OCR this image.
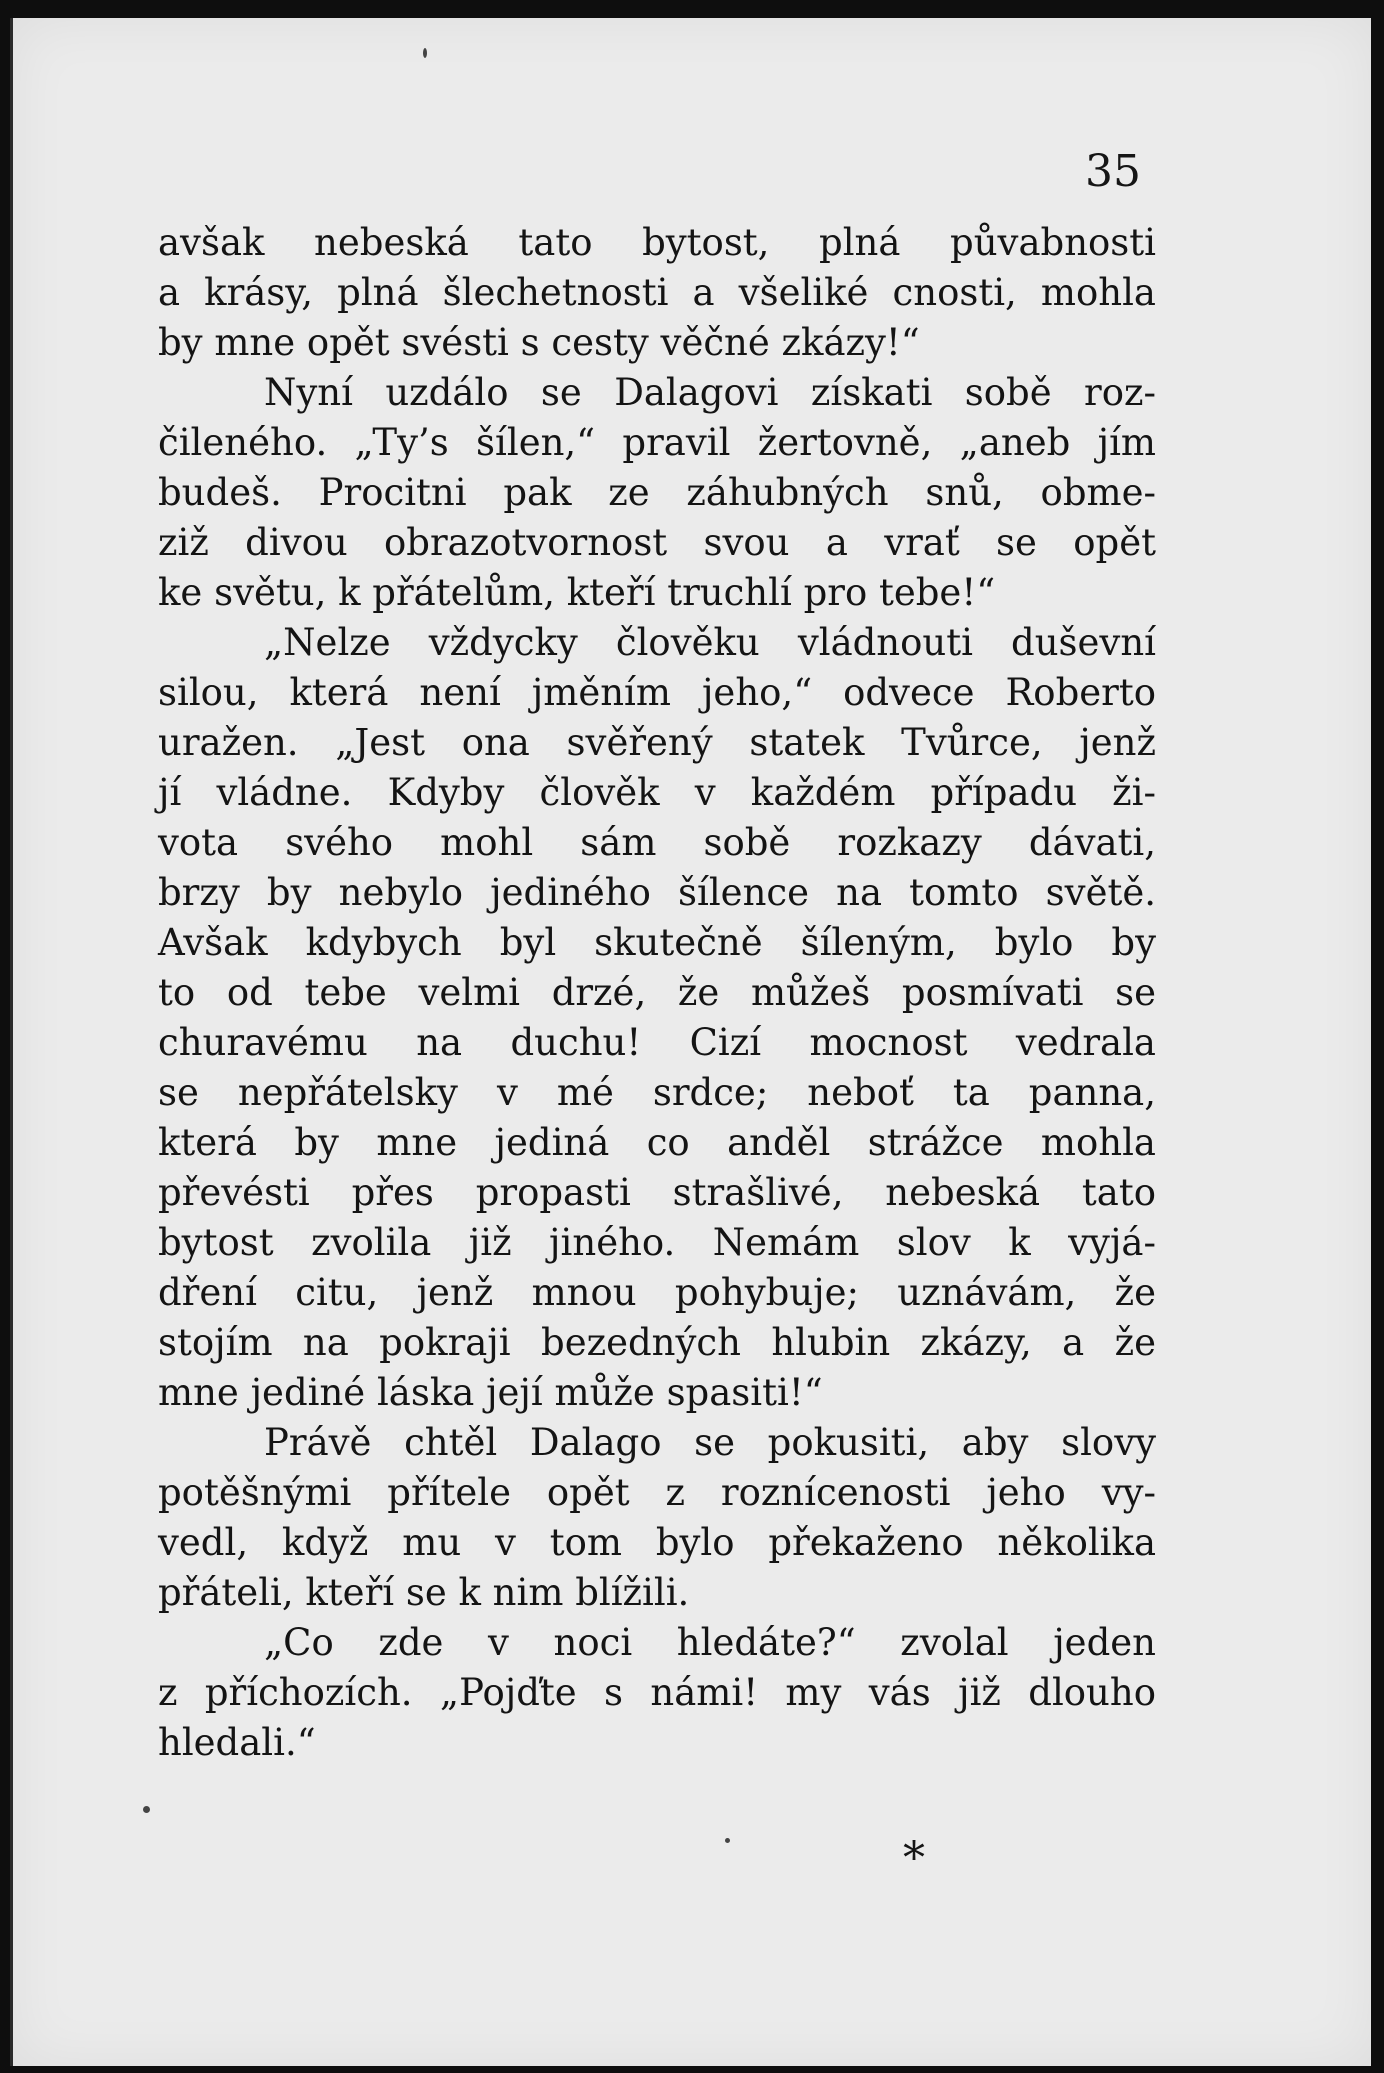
35

avšak nebeská tato bytost, plná půvabnosti
a krásy, plná šlechetnosti a všeliké cnosti, mohla
by mne opět svésti s cesty věčné zkázy!“
Nyní uzdálo se Dalagovi získati sobě roz-
čileného. „Ty’s šílen,“ pravil žertovně, „aneb jím
budeš. Procitni pak ze záhubných snů, obme-
ziž divou obrazotvornost svou a vrať se opět
ke světu, k přátelům, kteří truchlí pro tebe!“
„Nelze vždycky člověku vládnouti duševní
silou, která není jměním jeho,“ odvece Roberto
uražen. „Jest ona svěřený statek Tvůrce, jenž
jí vládne. Kdyby člověk v každém případu ži-
vota svého mohl sám sobě rozkazy dávati,
brzy by nebylo jediného šílence na tomto světě.
Avšak kdybych byl skutečně šíleným, bylo by
to od tebe velmi drzé, že můžeš posmívati se
churavému na duchu! Cizí mocnost vedrala
se nepřátelsky v mé srdce; neboť ta panna,
která by mne jediná co anděl strážce mohla
převésti přes propasti strašlivé, nebeská tato
bytost zvolila již jiného. Nemám slov k vyjá-
dření citu, jenž mnou pohybuje; uznávám, že
stojím na pokraji bezedných hlubin zkázy, a že
mne jediné láska její může spasiti!“
Právě chtěl Dalago se pokusiti, aby slovy
potěšnými přítele opět z roznícenosti jeho vy-
vedl, když mu v tom bylo překaženo několika
přáteli, kteří se k nim blížili.
„Co zde v noci hledáte?“ zvolal jeden
z příchozích. „Pojďte s námi! my vás již dlouho
hledali.“
*
